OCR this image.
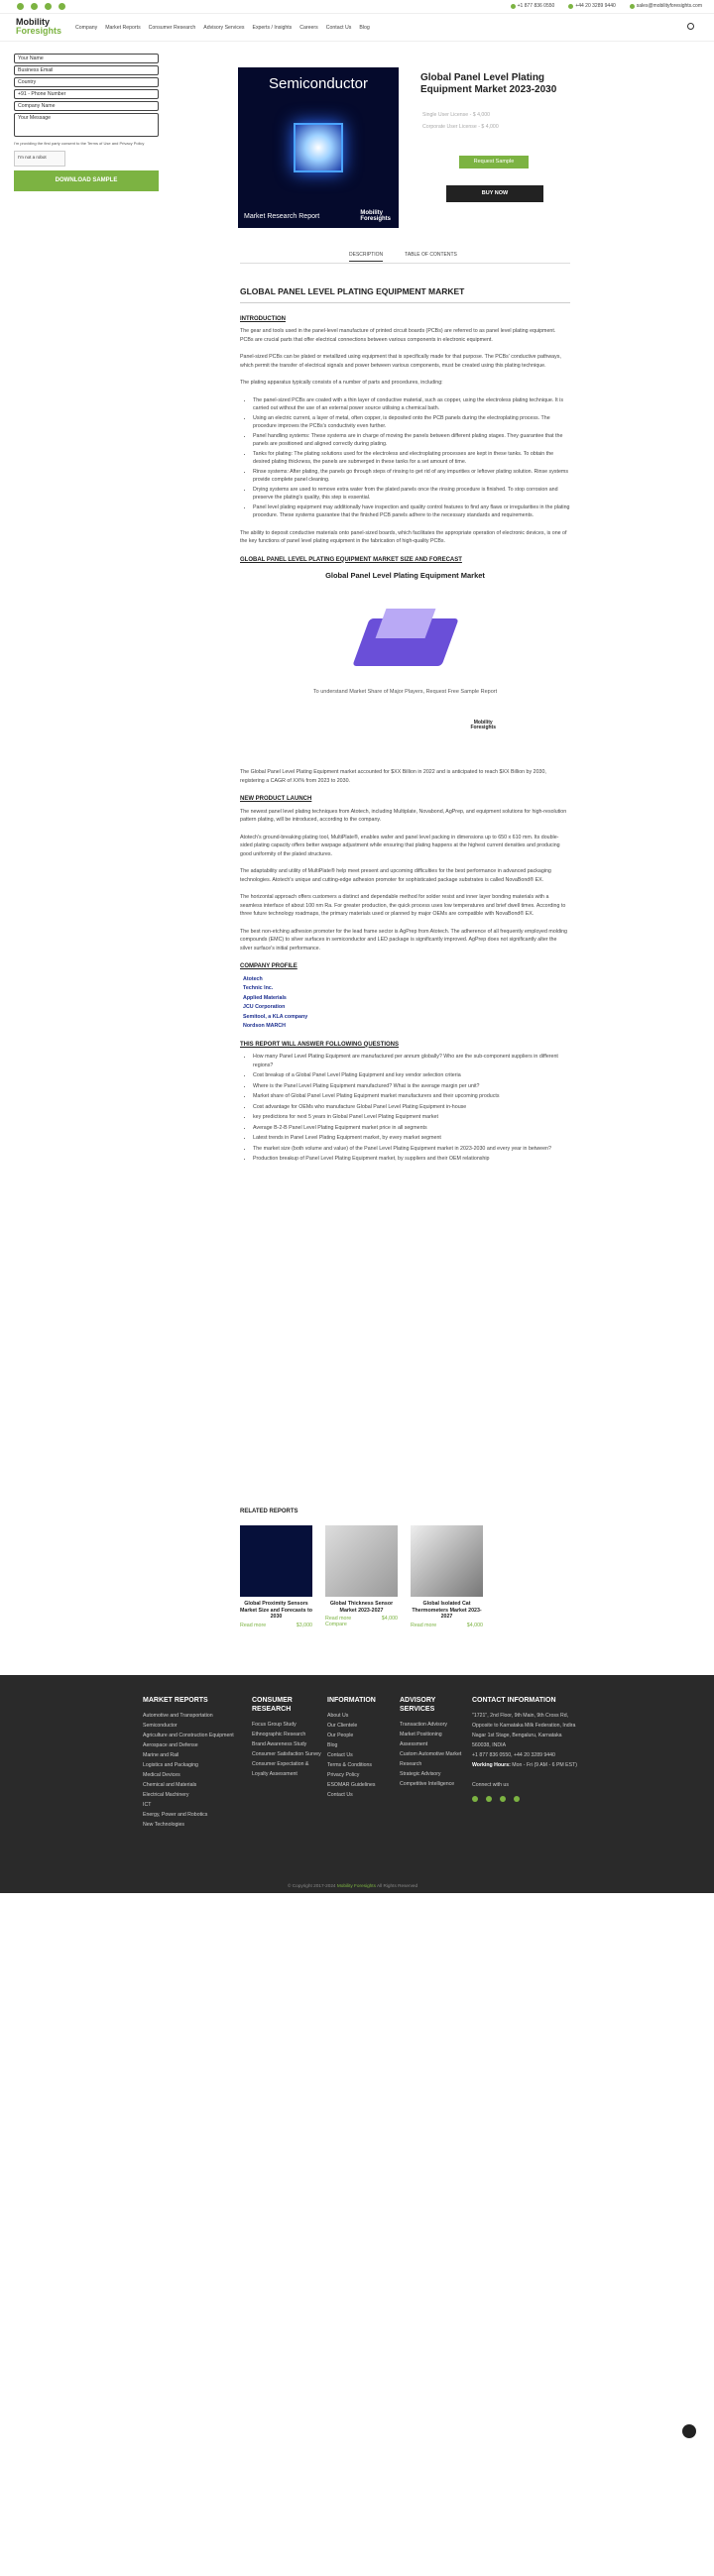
+1 877 836 0550	+44 20 3289 9440	sales@mobilityforesights.com
Mobility
Foresights	Company Market Reports Consumer Research Advisory Services Experts / Insights Careers Contact Us Blog
Your Name
Business Email
Country
+91 - Phone Number
Company Name
Your Message
I'm providing the first party consent to the Terms of Use and Privacy Policy
I'm not a robot
DOWNLOAD SAMPLE
Semiconductor
Market Research Report	Mobility
Foresights
Global Panel Level Plating Equipment Market 2023-2030
Single User License - $ 4,000
Corporate User License - $ 4,000
Request Sample
BUY NOW
DESCRIPTION	TABLE OF CONTENTS
GLOBAL PANEL LEVEL PLATING EQUIPMENT MARKET
INTRODUCTION

The gear and tools used in the panel-level manufacture of printed circuit boards (PCBs) are referred to as panel level plating equipment. PCBs are crucial parts that offer electrical connections between various components in electronic equipment.

Panel-sized PCBs can be plated or metallized using equipment that is specifically made for that purpose. The PCBs' conductive pathways, which permit the transfer of electrical signals and power between various components, must be created using this plating technique.

The plating apparatus typically consists of a number of parts and procedures, including:

• The panel-sized PCBs are coated with a thin layer of conductive material, such as copper, using the electroless plating technique. It is carried out without the use of an external power source utilising a chemical bath.
• Using an electric current, a layer of metal, often copper, is deposited onto the PCB panels during the electroplating process. The procedure improves the PCBs's conductivity even further.
• Panel handling systems: These systems are in charge of moving the panels between different plating stages. They guarantee that the panels are positioned and aligned correctly during plating.
• Tanks for plating: The plating solutions used for the electroless and electroplating processes are kept in these tanks. To obtain the desired plating thickness, the panels are submerged in these tanks for a set amount of time.
• Rinse systems: After plating, the panels go through steps of rinsing to get rid of any impurities or leftover plating solution. Rinse systems provide complete panel cleaning.
• Drying systems are used to remove extra water from the plated panels once the rinsing procedure is finished. To stop corrosion and preserve the plating's quality, this step is essential.
• Panel level plating equipment may additionally have inspection and quality control features to find any flaws or irregularities in the plating procedure. These systems guarantee that the finished PCB panels adhere to the necessary standards and requirements.

The ability to deposit conductive materials onto panel-sized boards, which facilitates the appropriate operation of electronic devices, is one of the key functions of panel level plating equipment in the fabrication of high-quality PCBs.

GLOBAL PANEL LEVEL PLATING EQUIPMENT MARKET SIZE AND FORECAST
Global Panel Level Plating Equipment Market
To understand Market Share of Major Players, Request Free Sample Report
Mobility
Foresights

The Global Panel Level Plating Equipment market accounted for $XX Billion in 2022 and is anticipated to reach $XX Billion by 2030, registering a CAGR of XX% from 2023 to 2030.

NEW PRODUCT LAUNCH

The newest panel level plating techniques from Atotech, including Multiplate, Novabond, AgPrep, and equipment solutions for high-resolution pattern plating, will be introduced, according to the company.

Atotech's ground-breaking plating tool, MultiPlate®, enables wafer and panel level packing in dimensions up to 650 x 610 mm. Its double-sided plating capacity offers better warpage adjustment while ensuring that plating happens at the highest current densities and producing good uniformity of the plated structures.

The adaptability and utility of MultiPlate® help meet present and upcoming difficulties for the best performance in advanced packaging technologies. Atotech's unique and cutting-edge adhesion promoter for sophisticated package substrates is called NovaBond® EX.

The horizontal approach offers customers a distinct and dependable method for solder resist and inner layer bonding materials with a seamless interface of about 100 nm Ra. For greater production, the quick process uses low temperatures and brief dwell times. According to three future technology roadmaps, the primary materials used or planned by major OEMs are compatible with NovaBond® EX.

The best non-etching adhesion promoter for the lead frame sector is AgPrep from Atotech. The adherence of all frequently employed molding compounds (EMC) to silver surfaces in semiconductor and LED package is significantly improved. AgPrep does not significantly alter the silver surface's initial performance.

COMPANY PROFILE
Atotech
Technic Inc.
Applied Materials
JCU Corporation
Semitool, a KLA company
Nordson MARCH
THIS REPORT WILL ANSWER FOLLOWING QUESTIONS
• How many Panel Level Plating Equipment are manufactured per annum globally? Who are the sub-component suppliers in different regions?
• Cost breakup of a Global Panel Level Plating Equipment and key vendor selection criteria
• Where is the Panel Level Plating Equipment manufactured? What is the average margin per unit?
• Market share of Global Panel Level Plating Equipment market manufacturers and their upcoming products
• Cost advantage for OEMs who manufacture Global Panel Level Plating Equipment in-house
• key predictions for next 5 years in Global Panel Level Plating Equipment market
• Average B-2-B Panel Level Plating Equipment market price in all segments
• Latest trends in Panel Level Plating Equipment market, by every market segment
• The market size (both volume and value) of the Panel Level Plating Equipment market in 2023-2030 and every year in between?
• Production breakup of Panel Level Plating Equipment market, by suppliers and their OEM relationship
RELATED REPORTS
Global Proximity Sensors Market Size and Forecasts to 2030
Read more	$3,000
Global Thickness Sensor Market 2023-2027
Read more	$4,000
Compare
Global Isolated Cat Thermometers Market 2023-2027
Read more	$4,000
MARKET REPORTS
Automotive and Transportation
Semiconductor
Agriculture and Construction Equipment
Aerospace and Defense
Marine and Rail
Logistics and Packaging
Medical Devices
Chemical and Materials
Electrical Machinery
ICT
Energy, Power and Robotics
New Technologies
CONSUMER RESEARCH
Focus Group Study
Ethnographic Research
Brand Awareness Study
Consumer Satisfaction Survey
Consumer Expectation & Loyalty Assessment
INFORMATION
About Us
Our Clientele
Our People
Blog
Contact Us
Terms & Conditions
Privacy Policy
ESOMAR Guidelines
Contact Us
ADVISORY SERVICES
Transaction Advisory
Market Positioning Assessment
Custom Automotive Market Research
Strategic Advisory
Competitive Intelligence
CONTACT INFORMATION
"1721", 2nd Floor, 9th Main, 9th Cross Rd, Opposite to Karnataka Milk Federation, Indira Nagar 1st Stage, Bengaluru, Karnataka 560038, INDIA
+1 877 836 0550, +44 20 3289 9440
Working Hours: Mon - Fri (9 AM - 6 PM EST)
Connect with us
© Copyright 2017-2024 Mobility Foresights All Rights Reserved
